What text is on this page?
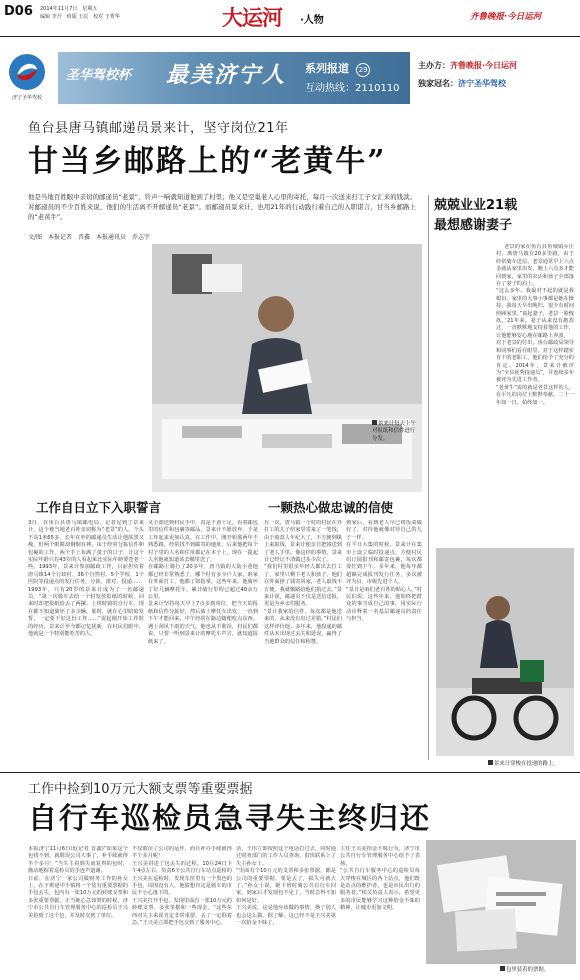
D06 2014年11月7日　星期五
编辑 李吾　组版 王辰　校对 王秀华	大运河 ·人物	齐鲁晚报·今日运河
济宁圣华驾校
圣华驾校杯 最美济宁人 系列报道 29
互动热线：2110110
主办方：齐鲁晚报·今日运河
独家冠名：济宁圣华驾校
鱼台县唐马镇邮递员景来计，坚守岗位21年
甘当乡邮路上的“老黄牛”
他是当地百姓眼中亲切的邮递员“老景”，铃声一响就知道他到了村里；他又是空巢老人心里的寄托，每月一次送来打工子女汇来的钱款。对邮递员的不少百姓来说，他们的生活离不开邮递员“老景”。而邮递员景来计，也用21年的行动践行着自己的入职诺言，甘当乡邮路上的“老黄牛”。
文/图　本报记者　晋鑫　本报通讯员　乔志宇
景来计每天上午对报纸和信件进行分发。
工作自日立下入职誓言	一颗热心做忠诚的信使
3日，在鱼台县唐马镇邮电局，记者见到了景来计，这个被当地老百姓亲切称为“老景”的人，个头不高1米65多，长年在外的邮递员生活让他肤黑又瘦，但两个眼睛却炯炯有神。由于经常分拣信件和包裹的工作，两个手上布满了茧子的口子，让这个实际年龄只有43岁的人看起来比实际年龄要苍老一些。1993年，景来计参加邮政工作，目前担负着唐马镇14个行政村、36个自然村、5个学校、1个医院等投递点的发行任务，分拣、排对、投递……
1993年，只有20岁的景来计成为了一名邮递员。“第一次骑车去给一个村发放报纸的时候，回来时却把报纸给丢了两摞。上班时骑的自行车，现在都不知道骑坏了多少辆。那时，就在心里暗暗发誓，一定要干好这份工作……”说起刚开始工作时的经历，景来计至今都记忆犹新，在村民们眼中，他就是一个特别能吃苦的人。
又全部送到村民手中，真是干劲十足。看着邮包里的信件和包裹等邮品，景来计不愿放弃，于是工作起来更加认真。在工作中，刚开始那两年不熟悉路，经常找不到邮寄的地址，后来他把每个村子里的人名和住址都记在本子上，现在一提起人名他就知道该去哪里送了。
在邮路上骑行了20多年，唐马镇的大街小巷他都已经非常熟悉了，哪个村有多少户人家，谁家在外面打工，他都了如指掌。这些年来，他骑坏了好几辆摩托车，累计骑行里程已超过40余万公里。
景来计坚持每天早上7点多到单位，把当天的报纸和信件分拣好，然后骑上摩托车出发，一直到下午才能回来，中午经常在路边随便吃点东西。遇上刮风下雨的天气，他也从不耽误，村民们都说，只要一听到景来计的摩托车声音，就知道报纸来了。
有一次，唐马镇一个村的村民在外打工的儿子给家里寄来了一笔钱，由于收款人年纪大了，不方便到镇上来取钱，景来计便亲自把钱送到了老人手里。像这样的事情，景来计已经记不清做过多少次了。
“我们村里很多年轻人都出去打工了，家里只剩下老人和孩子，他们在外面挣了钱寄回家，老人取钱不方便，我就顺路给他们捎过去。”景来计说，邮递员不仅是送信送报，更是为乡亲们服务。
“景计我家的信件，每次都是他送来的，从来没有出过差错。”村民们这样评价他。多年来，他投递的邮件从未出现过丢失和延误，赢得了当地群众的信任和称赞。
到家后，看到老人早已将饭菜做好了，对待他就像对待自己的儿子一样。
在平日大集的时候，景来计在集市上设立临时投递点，方便村民们订阅报刊和邮寄包裹，每次都要忙到下午。多年来，他每年都超额完成报刊发行任务，多次被评为县、市级先进个人。
“景计是咱们老百姓的贴心人。”村民们说。这些年来，他始终把群众的事当成自己的事，用实际行动诠释着一名基层邮递员的责任与担当。
兢兢业业21载
最想感谢妻子
老景的家在鱼台县鱼城镇乔庄村，离唐马镇有20多里路。由于经常骑车送信，老景通常早上六点多就从家里出发，晚上六点多才能回到家，家里的农活和孩子全部落在了妻子的肩上。
“这么多年，我最对不起的就是我媳妇，家里的大事小事都是她在操持，我每天早出晚归，很少有时间照顾家里。”说起妻子，老景一脸愧疚。21年来，妻子从来没有抱怨过，一直默默地支持着他的工作，让他能够安心地在邮路上奔波。
对于老景的付出，鱼台邮政局领导和同事们看在眼里。对于这样踏实肯干的老职工，他们给予了充分的肯定。2014年，景来计被评为“全县优秀投递员”，并连续多年被评为先进工作者。
“老黄牛”说的就是老景这样的人，在平凡的岗位上默默奉献，二十一年如一日，始终如一。
景来计穿梭在投递的路上。
工作中捡到10万元大额支票等重要票据
自行车巡检员急寻失主终归还
本报济宁11月6日讯(记者 晋鑫)“如果这个包找不到，就耽误公司大事了，补手续就得半个多月！”当失主看到失而复得的包时，激动地握着巡检员的手连声道谢。
日前，在济宁一家公司做财务工作的孙女士，在下班途中不慎将一个装有重要票据的手包丢失，包内有一张10万元的转账支票和多张重要票据。正当她心急如焚的时候，济宁市公共自行车管理服务中心的巡检员王兴美捡到了这个包，并及时交到了单位。
不仅耽误了公司的运作，而且补办手续就得半个多月呢！
王兴美讲述了包丢失的过程。10月24日下午4点左右，负责6个公共自行车站点巡检的王兴美在巡检时，发现车筐里有一个黑色的手包，周围没有人，他猜想肯定是骑车的市民不小心落下的。
王兴美打开手包，发现里面有一张10万元的转账支票、多张单据和一些现金。“这些东西对失主来说肯定非常重要，丢了一定很着急。”王兴美立即把手包交到了服务中心。
话，王伟立即按照这个电话打过去，同时通过财务部门的工作人员查询，很快联系上了失主孙女士。
“里面有个10万元的支票和多张票据，都是公司的重要票据，要是丢了，损失可就大了。”孙女士说，她下班时骑公共自行车回家，到家后才发现包不见了，当时急得不知如何是好。
王兴美说，这是他应该做的事情，换了别人也会这么做。据了解，这已经不是王兴美第一次拾金不昧了。
主任王兴美拾金不昧行为，济宁市公共自行车管理服务中心给予了表扬。
“公共自行车服务中心的巡检员每天穿梭在城区的各个站点，他们既是站点的维护者，也是市民出行的服务者。”相关负责人表示，希望更多的市民能够学习这种拾金不昧的精神，让城市更加文明。
包里装着的票据。
